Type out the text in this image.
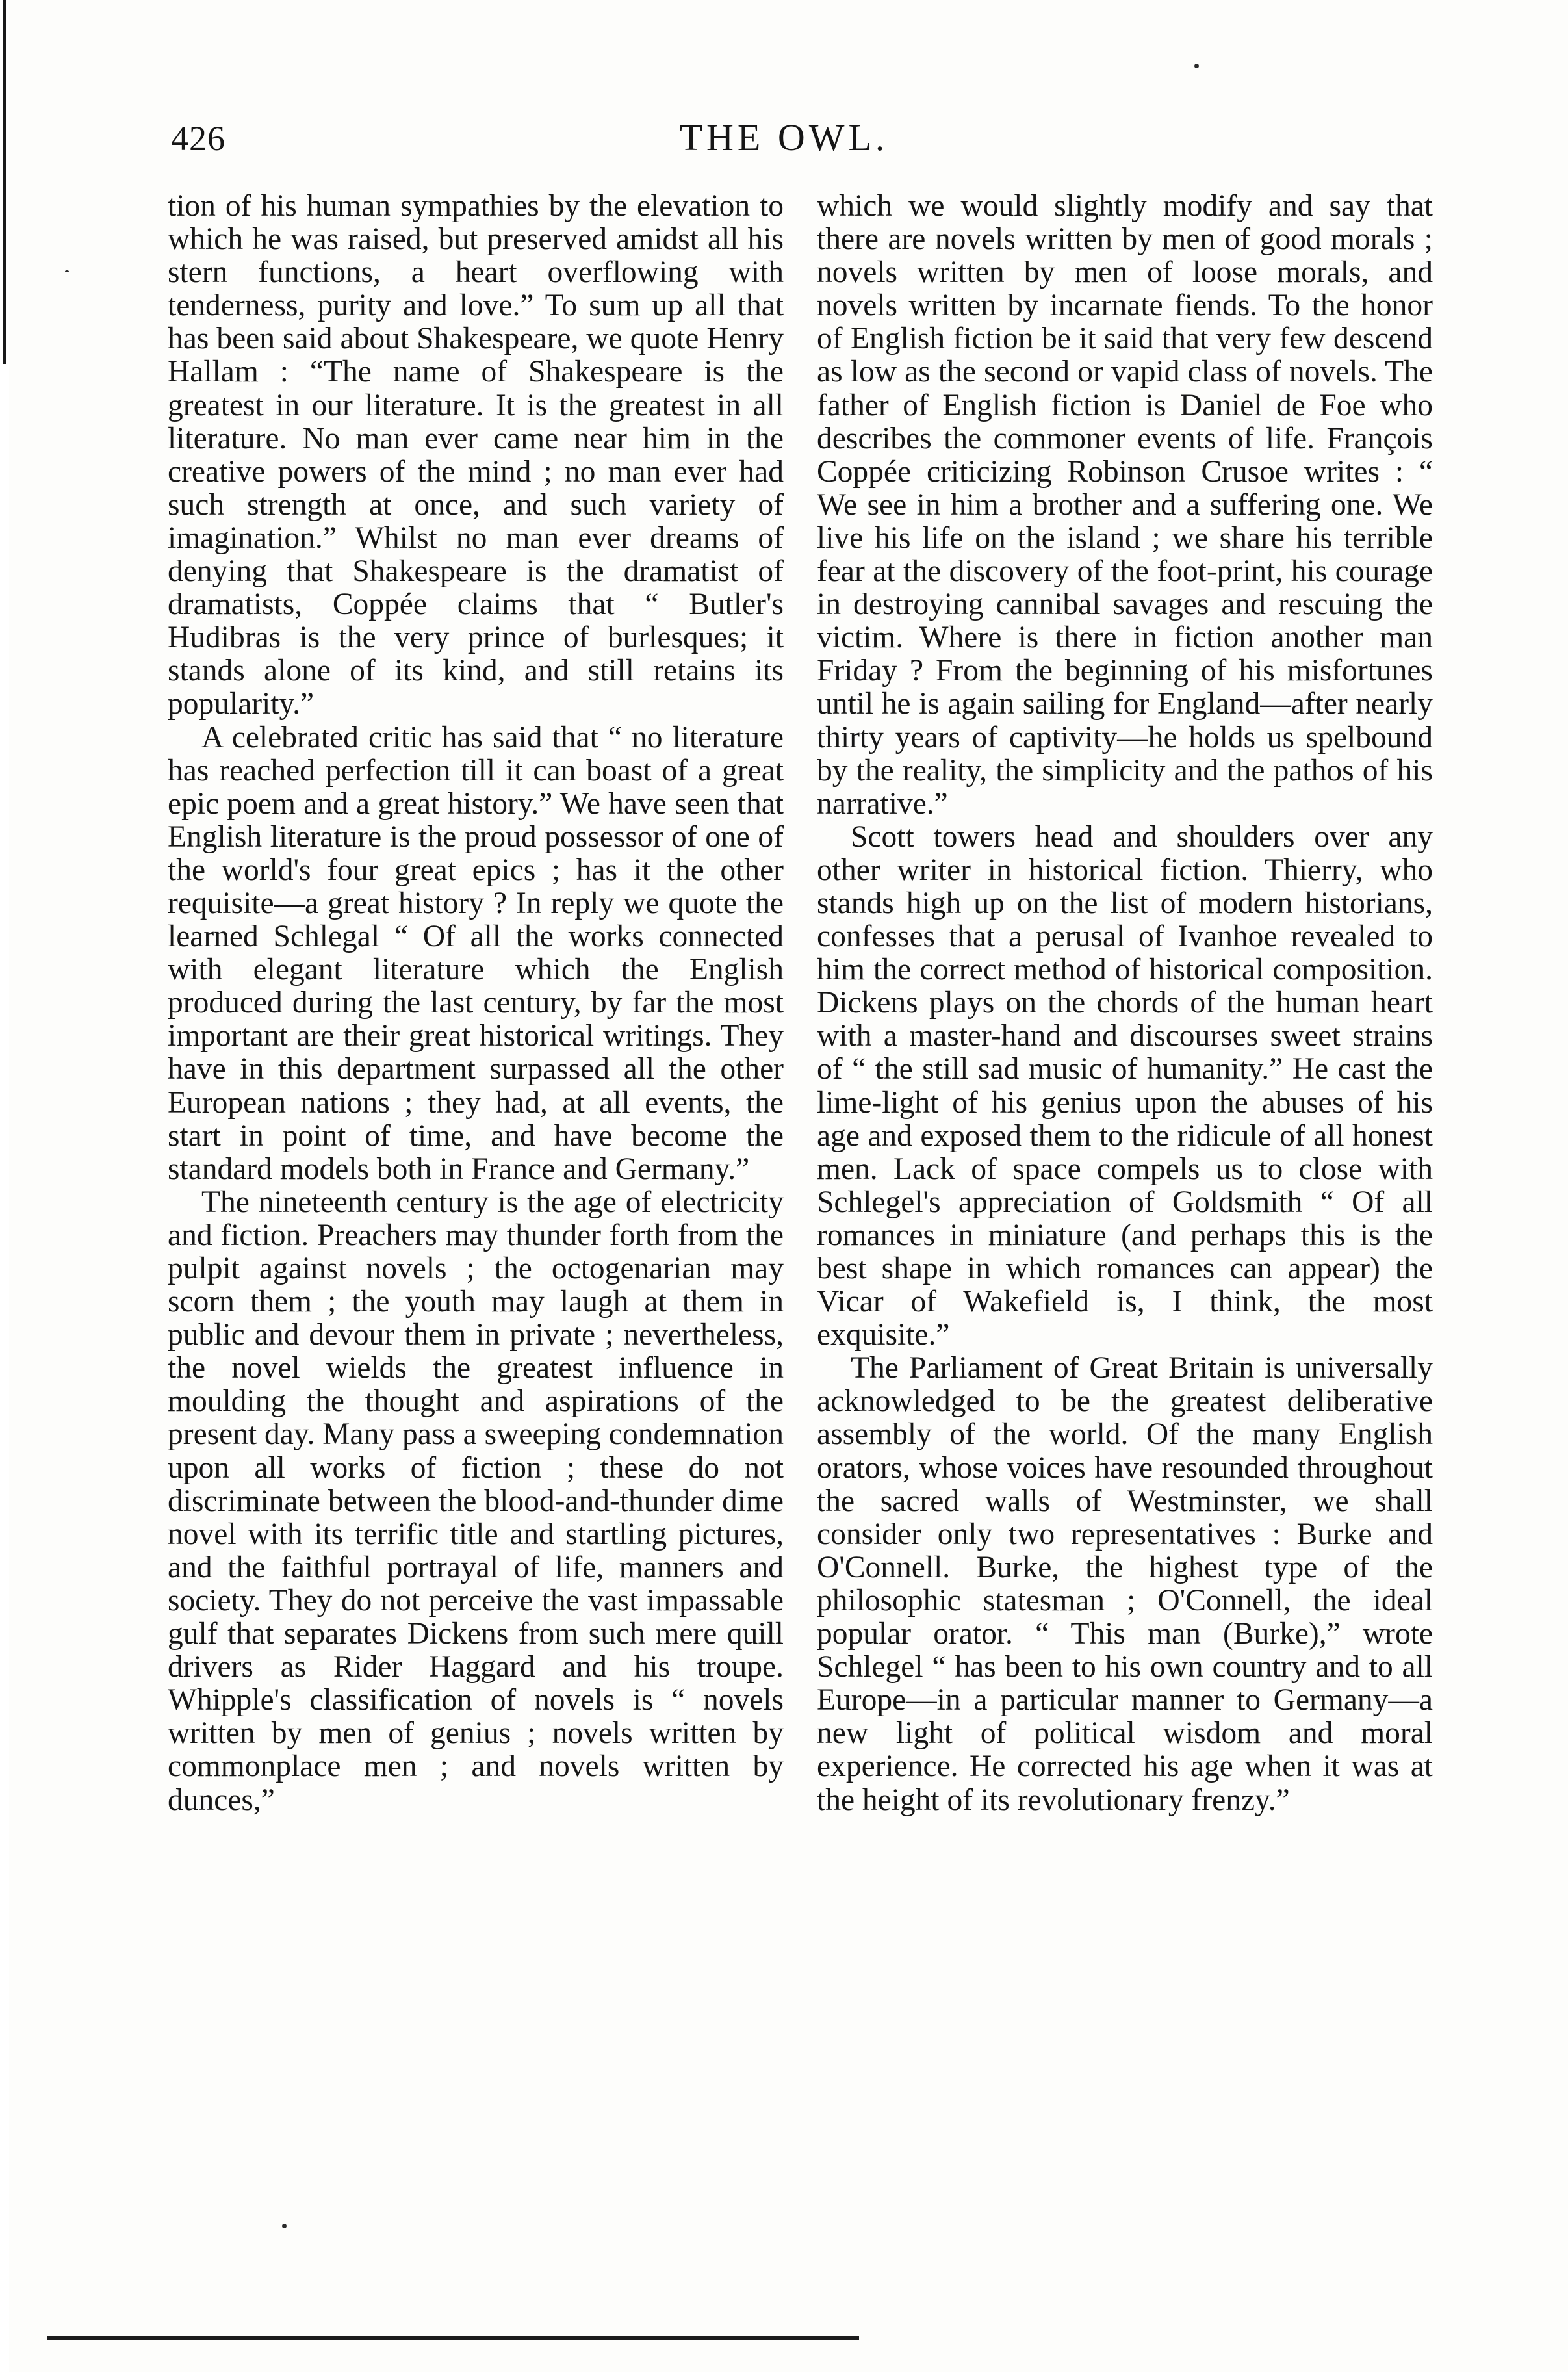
426	THE OWL.

tion of his human sympathies by the elevation to which he was raised, but preserved amidst all his stern functions, a heart overflowing with tenderness, purity and love.” To sum up all that has been said about Shakespeare, we quote Henry Hallam : “The name of Shakespeare is the greatest in our literature. It is the greatest in all literature. No man ever came near him in the creative powers of the mind ; no man ever had such strength at once, and such variety of imagination.” Whilst no man ever dreams of denying that Shakespeare is the dramatist of dramatists, Coppée claims that “ Butler's Hudibras is the very prince of burlesques; it stands alone of its kind, and still retains its popularity.”

A celebrated critic has said that “ no literature has reached perfection till it can boast of a great epic poem and a great history.” We have seen that English literature is the proud possessor of one of the world's four great epics ; has it the other requisite—a great history ? In reply we quote the learned Schlegal “ Of all the works connected with elegant literature which the English produced during the last century, by far the most important are their great historical writings. They have in this department surpassed all the other European nations ; they had, at all events, the start in point of time, and have become the standard models both in France and Germany.”

The nineteenth century is the age of electricity and fiction. Preachers may thunder forth from the pulpit against novels ; the octogenarian may scorn them ; the youth may laugh at them in public and devour them in private ; nevertheless, the novel wields the greatest influence in moulding the thought and aspirations of the present day. Many pass a sweeping condemnation upon all works of fiction ; these do not discriminate between the blood-and-thunder dime novel with its terrific title and startling pictures, and the faithful portrayal of life, manners and society. They do not perceive the vast impassable gulf that separates Dickens from such mere quill drivers as Rider Haggard and his troupe. Whipple's classification of novels is “ novels written by men of genius ; novels written by commonplace men ; and novels written by dunces,”

which we would slightly modify and say that there are novels written by men of good morals ; novels written by men of loose morals, and novels written by incarnate fiends. To the honor of English fiction be it said that very few descend as low as the second or vapid class of novels. The father of English fiction is Daniel de Foe who describes the commoner events of life. François Coppée criticizing Robinson Crusoe writes : “ We see in him a brother and a suffering one. We live his life on the island ; we share his terrible fear at the discovery of the foot-print, his courage in destroying cannibal savages and rescuing the victim. Where is there in fiction another man Friday ? From the beginning of his misfortunes until he is again sailing for England—after nearly thirty years of captivity—he holds us spelbound by the reality, the simplicity and the pathos of his narrative.”

Scott towers head and shoulders over any other writer in historical fiction. Thierry, who stands high up on the list of modern historians, confesses that a perusal of Ivanhoe revealed to him the correct method of historical composition. Dickens plays on the chords of the human heart with a master-hand and discourses sweet strains of “ the still sad music of humanity.” He cast the lime-light of his genius upon the abuses of his age and exposed them to the ridicule of all honest men. Lack of space compels us to close with Schlegel's appreciation of Goldsmith “ Of all romances in miniature (and perhaps this is the best shape in which romances can appear) the Vicar of Wakefield is, I think, the most exquisite.”

The Parliament of Great Britain is universally acknowledged to be the greatest deliberative assembly of the world. Of the many English orators, whose voices have resounded throughout the sacred walls of Westminster, we shall consider only two representatives : Burke and O'Connell. Burke, the highest type of the philosophic statesman ; O'Connell, the ideal popular orator. “ This man (Burke),” wrote Schlegel “ has been to his own country and to all Europe—in a particular manner to Germany—a new light of political wisdom and moral experience. He corrected his age when it was at the height of its revolutionary frenzy.”
